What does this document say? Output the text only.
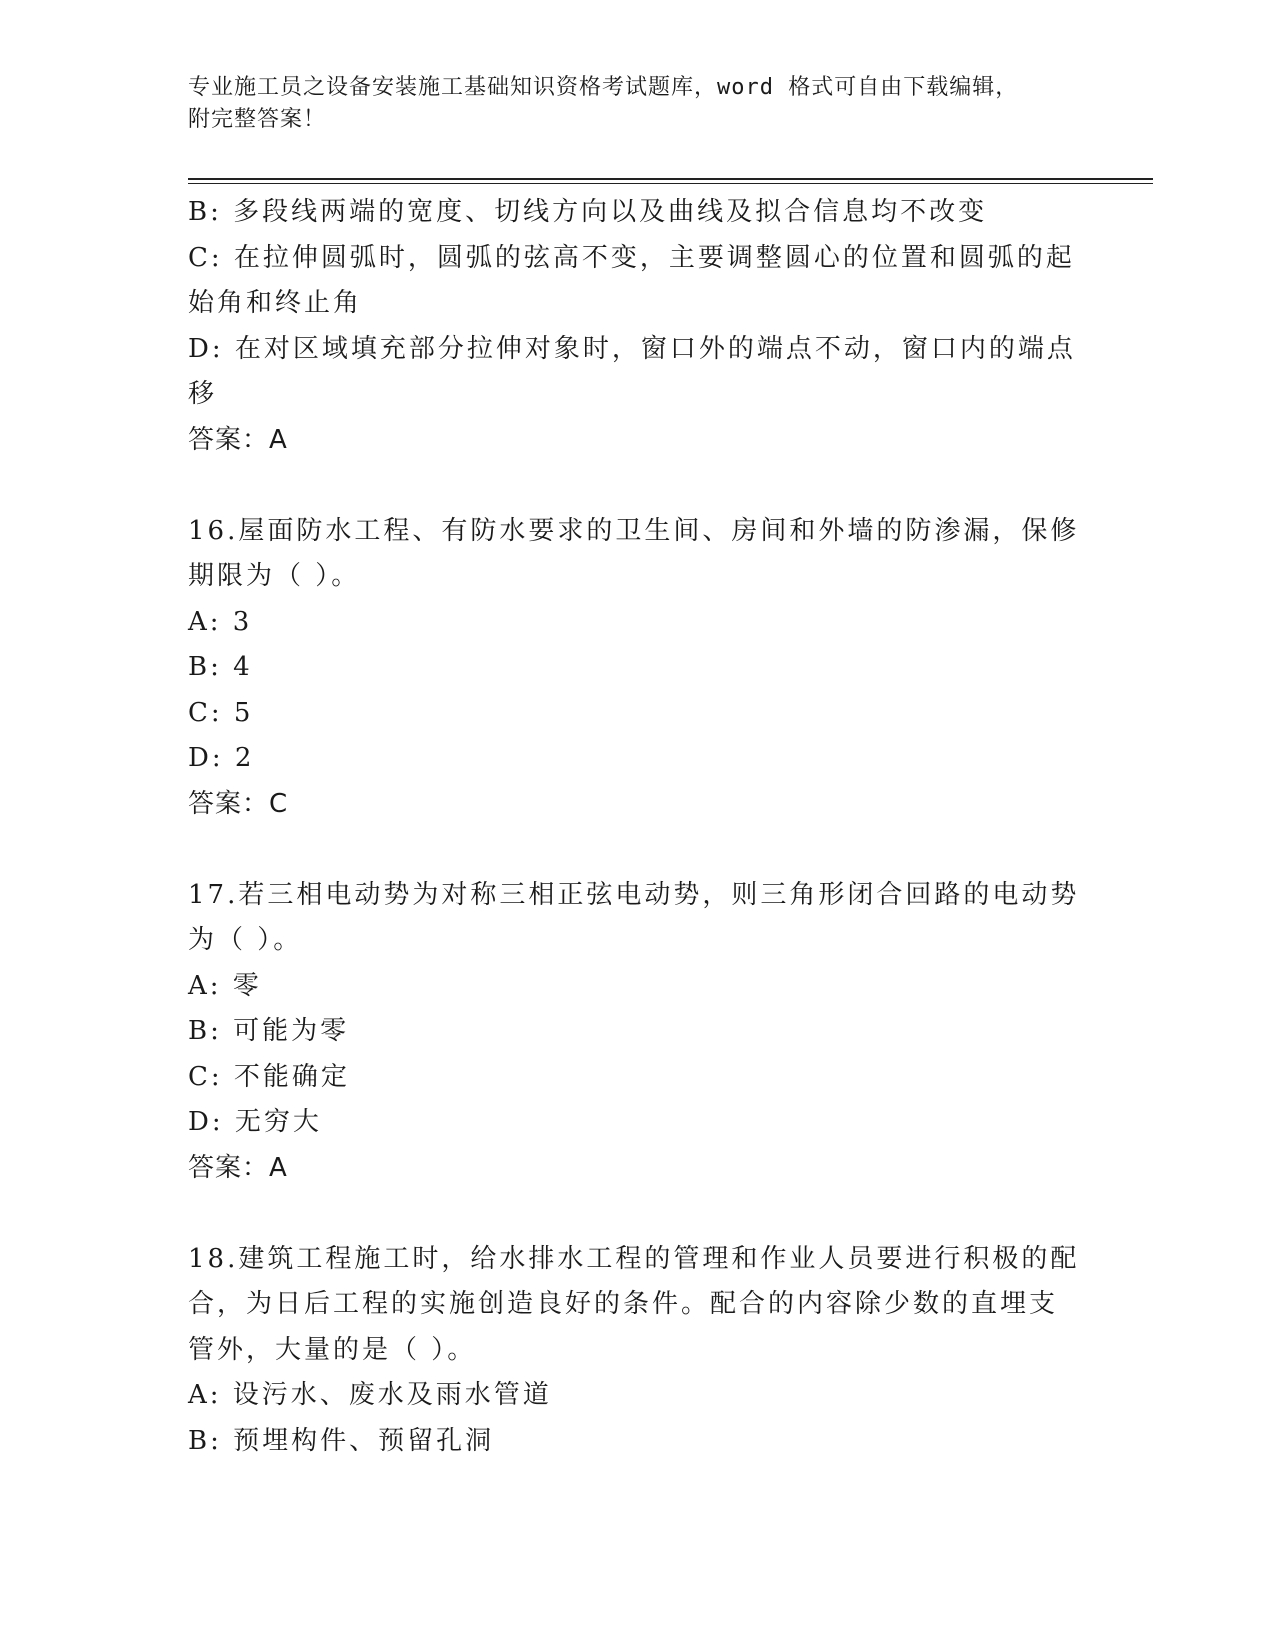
专业施工员之设备安装施工基础知识资格考试题库，word 格式可自由下载编辑，
附完整答案！
B: 多段线两端的宽度、切线方向以及曲线及拟合信息均不改变
C: 在拉伸圆弧时，圆弧的弦高不变，主要调整圆心的位置和圆弧的起
始角和终止角
D: 在对区域填充部分拉伸对象时，窗口外的端点不动，窗口内的端点
移
答案：A
16.屋面防水工程、有防水要求的卫生间、房间和外墙的防渗漏，保修
期限为（ ）。
A: 3
B: 4
C: 5
D: 2
答案：C
17.若三相电动势为对称三相正弦电动势，则三角形闭合回路的电动势
为（ ）。
A: 零
B: 可能为零
C: 不能确定
D: 无穷大
答案：A
18.建筑工程施工时，给水排水工程的管理和作业人员要进行积极的配
合，为日后工程的实施创造良好的条件。配合的内容除少数的直埋支
管外，大量的是（ ）。
A: 设污水、废水及雨水管道
B: 预埋构件、预留孔洞
